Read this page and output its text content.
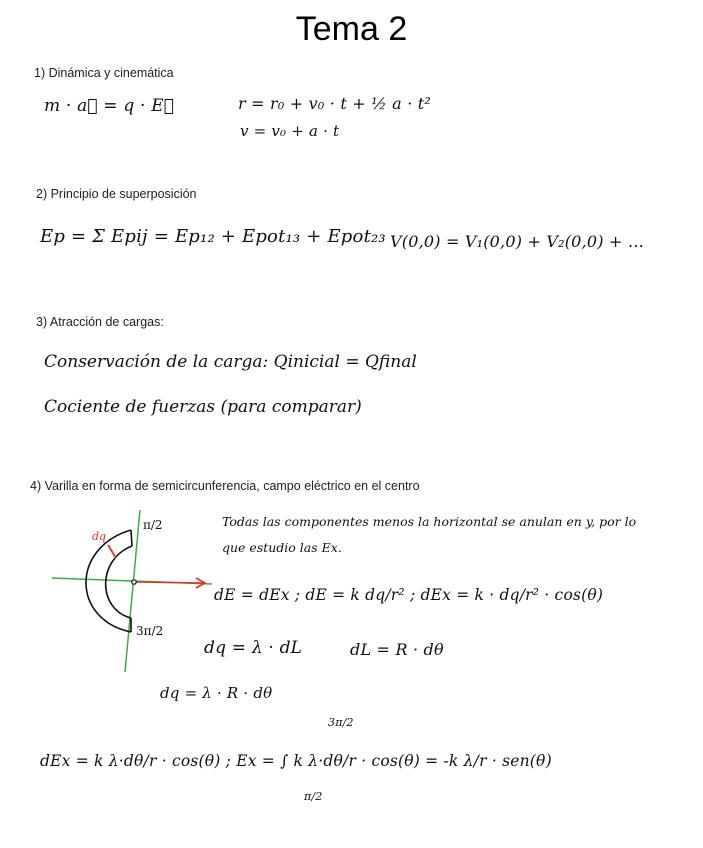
Tema 2
1) Dinámica y cinemática
m · a⃗ = q · E⃗	r = r₀ + v₀ · t + ½ a · t²
v = v₀ + a · t
2) Principio de superposición
Ep = Σ Epij = Ep₁₂ + Epot₁₃ + Epot₂₃ V(0,0) = V₁(0,0) + V₂(0,0) + …
3) Atracción de cargas:
Conservación de la carga: Qinicial = Qfinal
Cociente de fuerzas (para comparar)
4) Varilla en forma de semicircunferencia, campo eléctrico en el centro
Todas las componentes menos la horizontal se anulan en y, por lo
que estudio las Ex.
dE = dEx ; dE = k dq/r² ; dEx = k · dq/r² · cos(θ)
dq = λ · dL	dL = R · dθ
dq = λ · R · dθ
dEx = k λ·dθ/r · cos(θ) ; Ex = ∫ k λ·dθ/r · cos(θ) = -k λ/r · sen(θ)
3π/2
π/2
π/2
3π/2
dq
